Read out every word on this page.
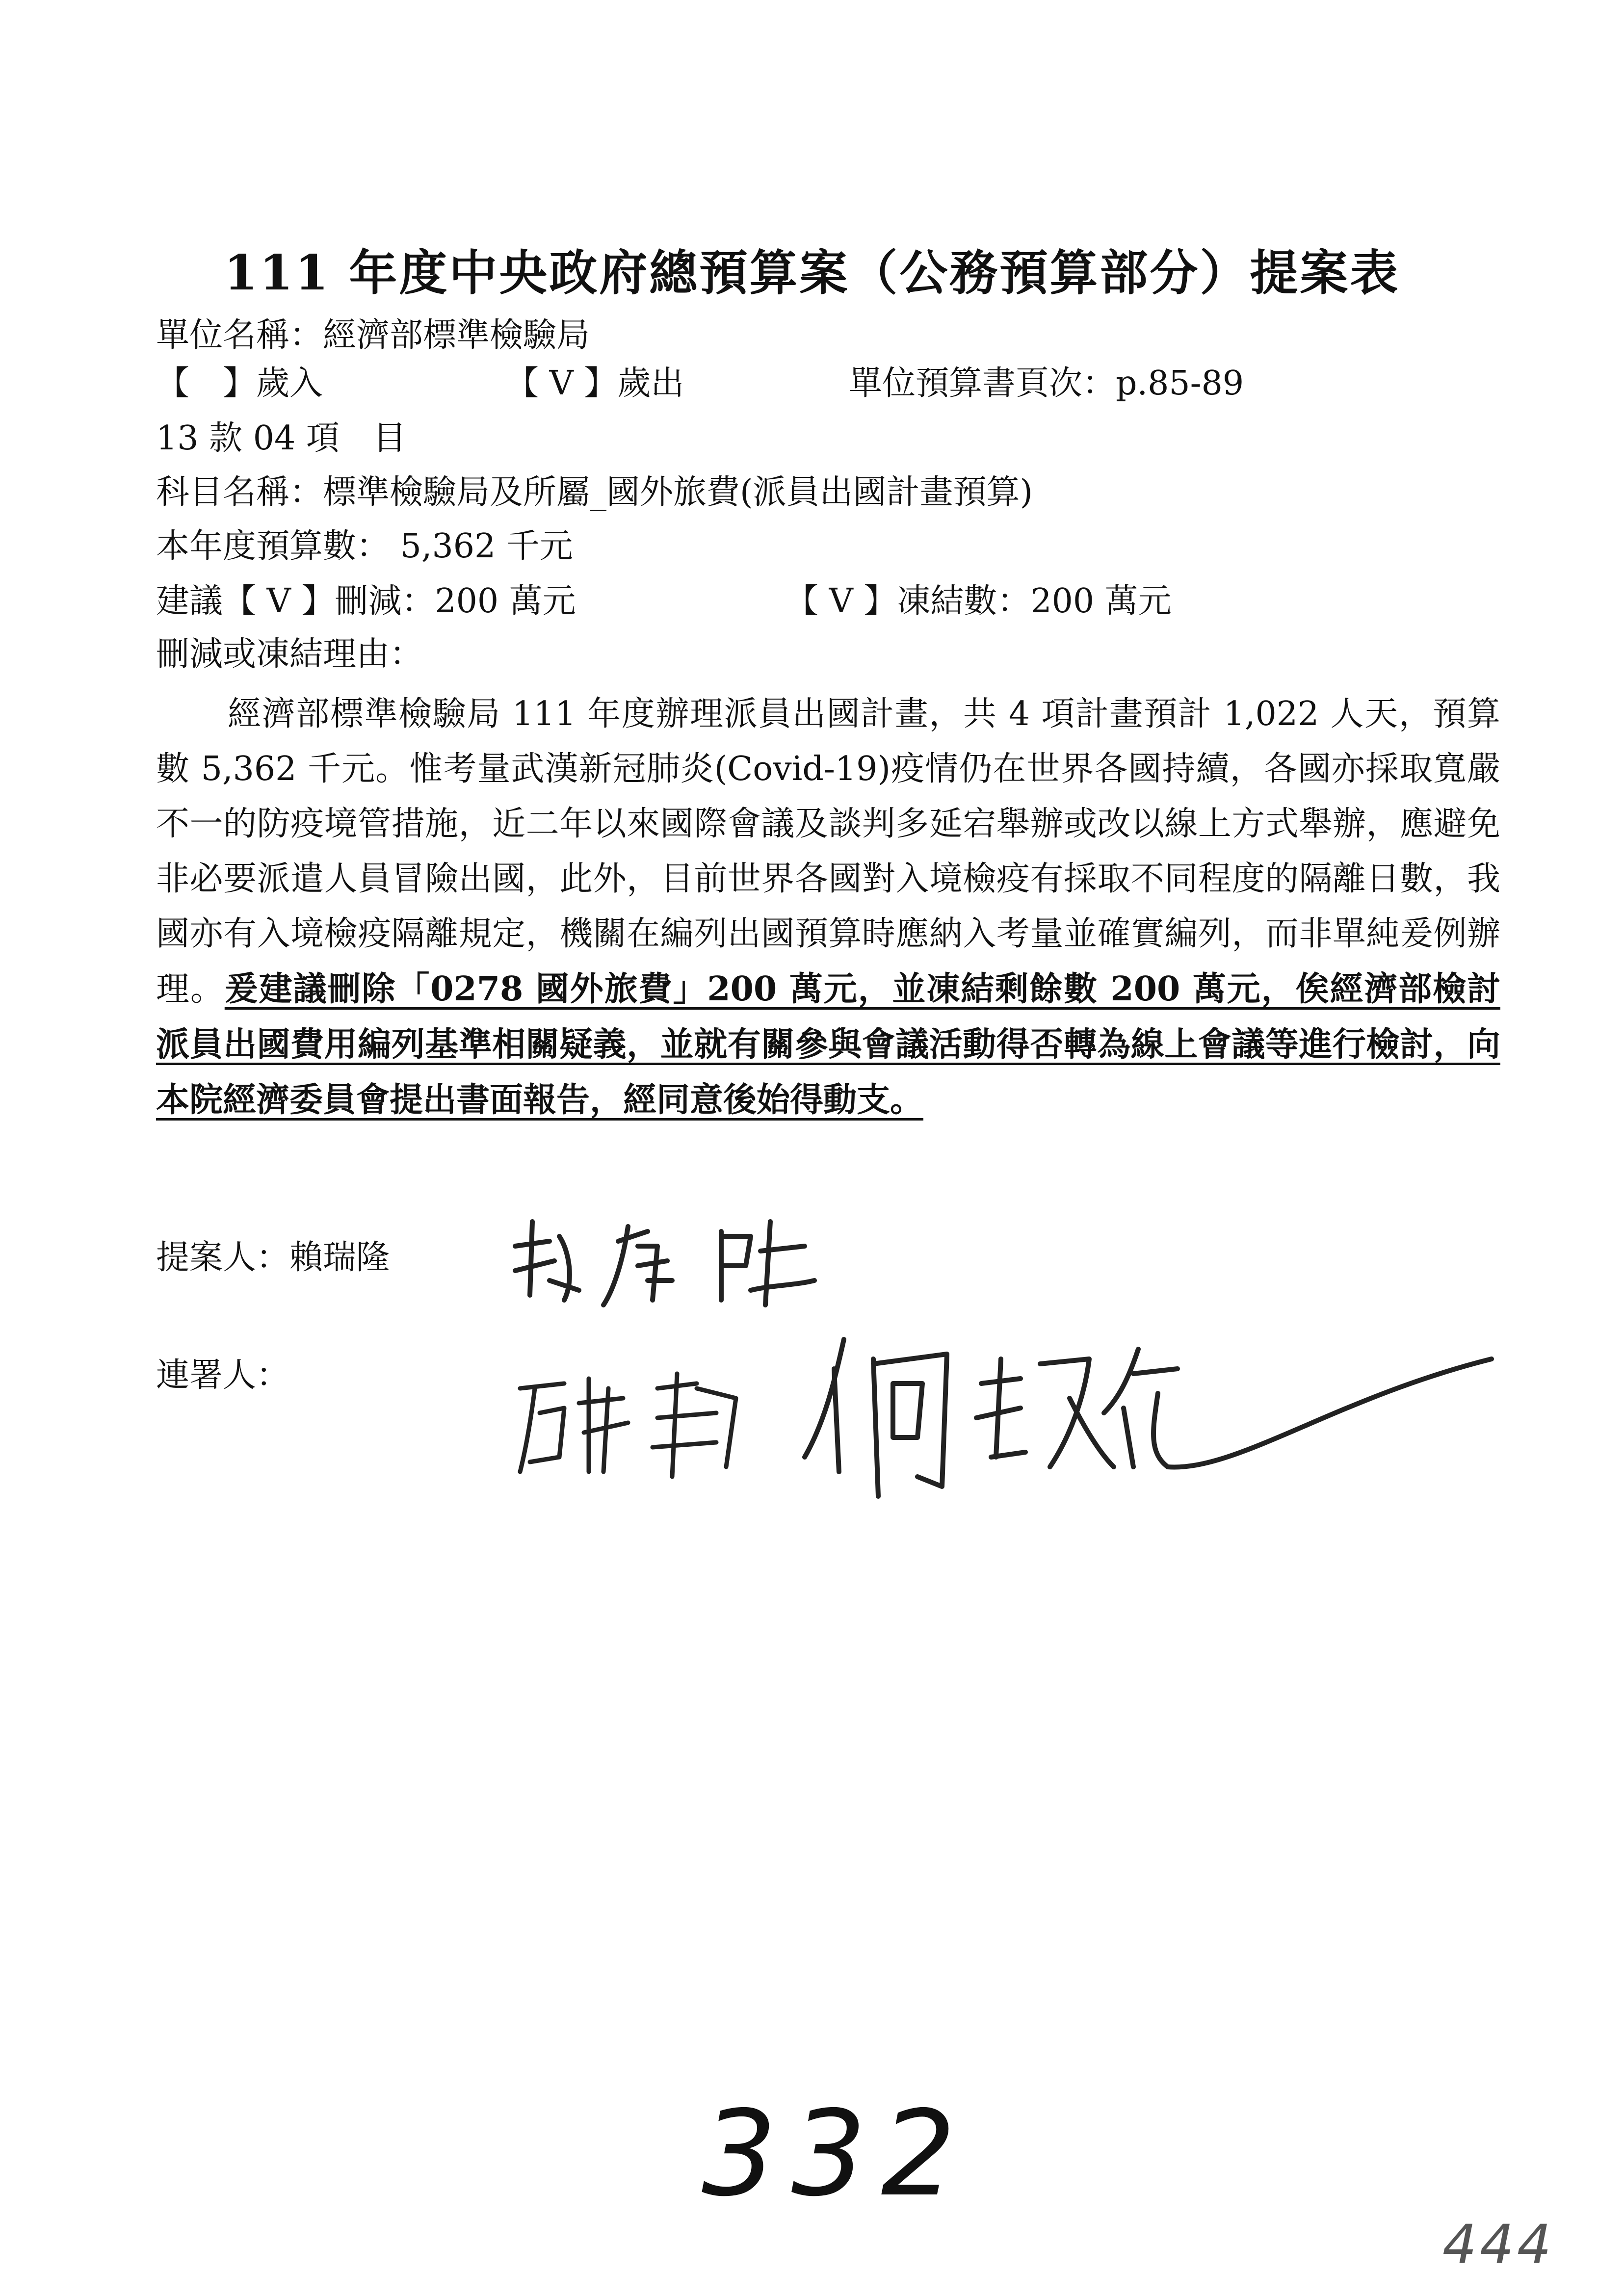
111 年度中央政府總預算案（公務預算部分）提案表
單位名稱：經濟部標準檢驗局
【　】歲入	【 V 】歲出	單位預算書頁次：p.85-89
13 款 04 項　目
科目名稱：標準檢驗局及所屬_國外旅費(派員出國計畫預算)
本年度預算數： 5,362 千元
建議【 V 】刪減：200 萬元	【 V 】凍結數：200 萬元
刪減或凍結理由：
經濟部標準檢驗局 111 年度辦理派員出國計畫，共 4 項計畫預計 1,022 人天，預算數 5,362 千元。惟考量武漢新冠肺炎(Covid-19)疫情仍在世界各國持續，各國亦採取寬嚴不一的防疫境管措施，近二年以來國際會議及談判多延宕舉辦或改以線上方式舉辦，應避免非必要派遣人員冒險出國，此外，目前世界各國對入境檢疫有採取不同程度的隔離日數，我國亦有入境檢疫隔離規定，機關在編列出國預算時應納入考量並確實編列，而非單純爰例辦理。爰建議刪除「0278 國外旅費」200 萬元，並凍結剩餘數 200 萬元，俟經濟部檢討派員出國費用編列基準相關疑義，並就有關參與會議活動得否轉為線上會議等進行檢討，向本院經濟委員會提出書面報告，經同意後始得動支。
提案人：賴瑞隆
連署人：
332
444
